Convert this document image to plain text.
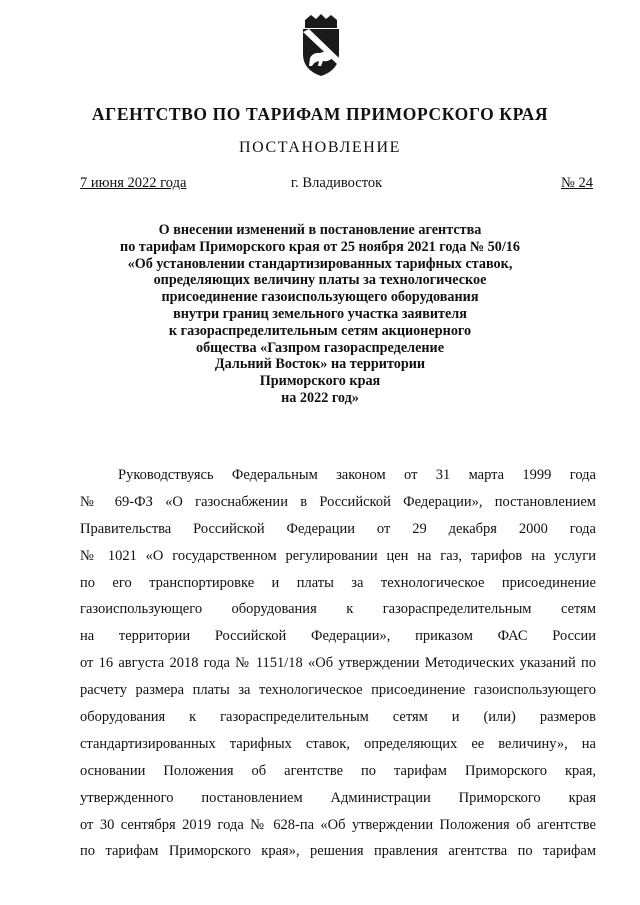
АГЕНТСТВО ПО ТАРИФАМ ПРИМОРСКОГО КРАЯ
ПОСТАНОВЛЕНИЕ
г. Владивосток
7 июня 2022 года	№ 24
О внесении изменений в постановление агентства
по тарифам Приморского края от 25 ноября 2021 года № 50/16
«Об установлении стандартизированных тарифных ставок,
определяющих величину платы за технологическое
присоединение газоиспользующего оборудования
внутри границ земельного участка заявителя
к газораспределительным сетям акционерного
общества «Газпром газораспределение
Дальний Восток» на территории
Приморского края
на 2022 год»
Руководствуясь Федеральным законом от 31 марта 1999 года
№ 69-ФЗ «О газоснабжении в Российской Федерации», постановлением
Правительства Российской Федерации от 29 декабря 2000 года
№ 1021 «О государственном регулировании цен на газ, тарифов на услуги
по его транспортировке и платы за технологическое присоединение
газоиспользующего оборудования к газораспределительным сетям
на территории Российской Федерации», приказом ФАС России
от 16 августа 2018 года № 1151/18 «Об утверждении Методических указаний по
расчету размера платы за технологическое присоединение газоиспользующего
оборудования к газораспределительным сетям и (или) размеров
стандартизированных тарифных ставок, определяющих ее величину», на
основании Положения об агентстве по тарифам Приморского края,
утвержденного постановлением Администрации Приморского края
от 30 сентября 2019 года № 628-па «Об утверждении Положения об агентстве
по тарифам Приморского края», решения правления агентства по тарифам
